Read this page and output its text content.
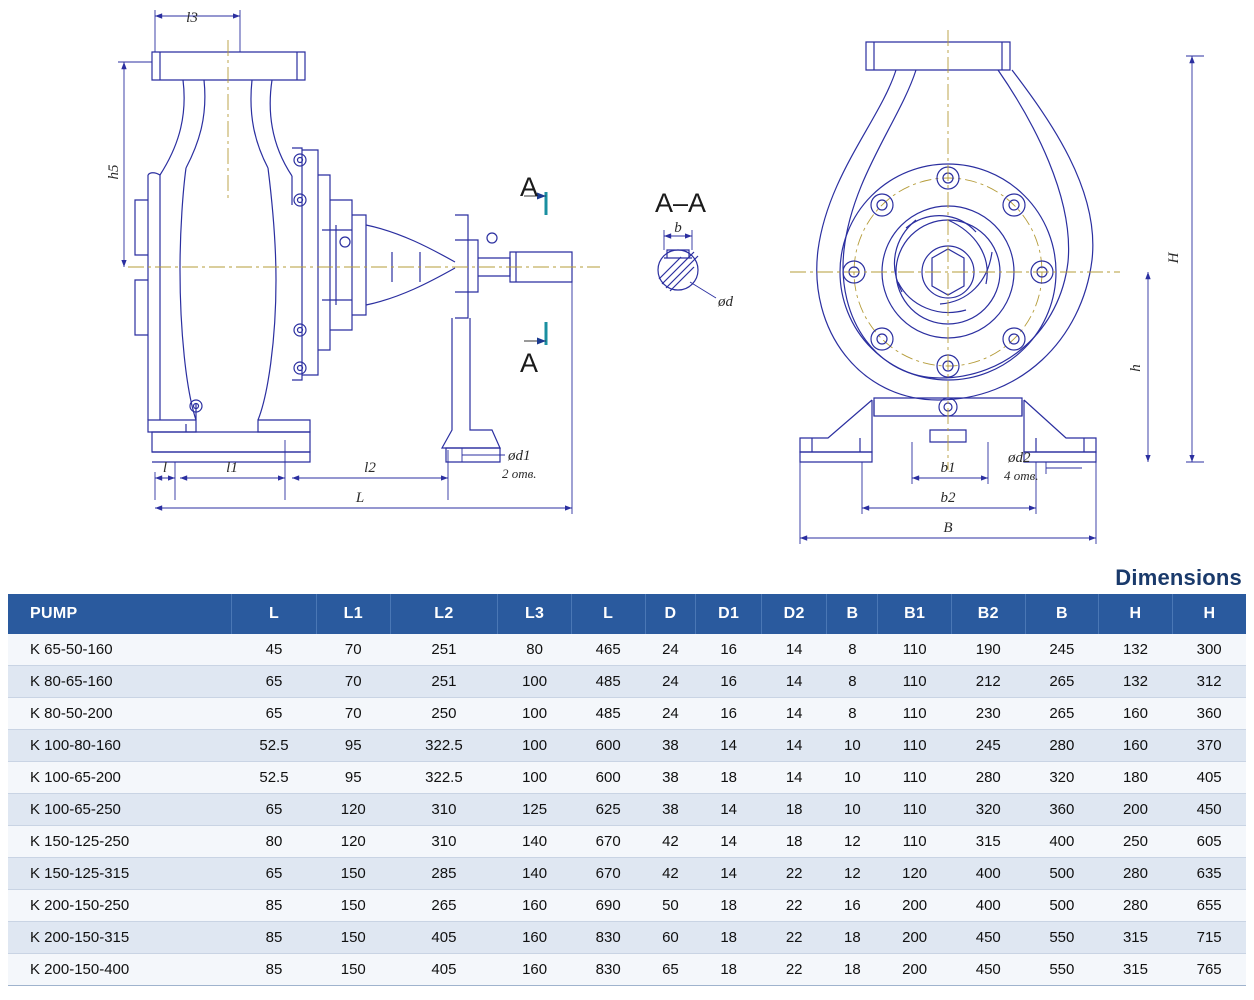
l3
h5	A
A
A–A
b
ød
l	l1	l2
L
ød1
2 отв.
H
h
b1
b2
B
ød2
4 отв.
Dimensions
PUMP	L	L1	L2	L3	L	D	D1	D2	B	B1	B2	B	H	H
K 65-50-160	45	70	251	80	465	24	16	14	8	110	190	245	132	300
K 80-65-160	65	70	251	100	485	24	16	14	8	110	212	265	132	312
K 80-50-200	65	70	250	100	485	24	16	14	8	110	230	265	160	360
K 100-80-160	52.5	95	322.5	100	600	38	14	14	10	110	245	280	160	370
K 100-65-200	52.5	95	322.5	100	600	38	18	14	10	110	280	320	180	405
K 100-65-250	65	120	310	125	625	38	14	18	10	110	320	360	200	450
K 150-125-250	80	120	310	140	670	42	14	18	12	110	315	400	250	605
K 150-125-315	65	150	285	140	670	42	14	22	12	120	400	500	280	635
K 200-150-250	85	150	265	160	690	50	18	22	16	200	400	500	280	655
K 200-150-315	85	150	405	160	830	60	18	22	18	200	450	550	315	715
K 200-150-400	85	150	405	160	830	65	18	22	18	200	450	550	315	765
